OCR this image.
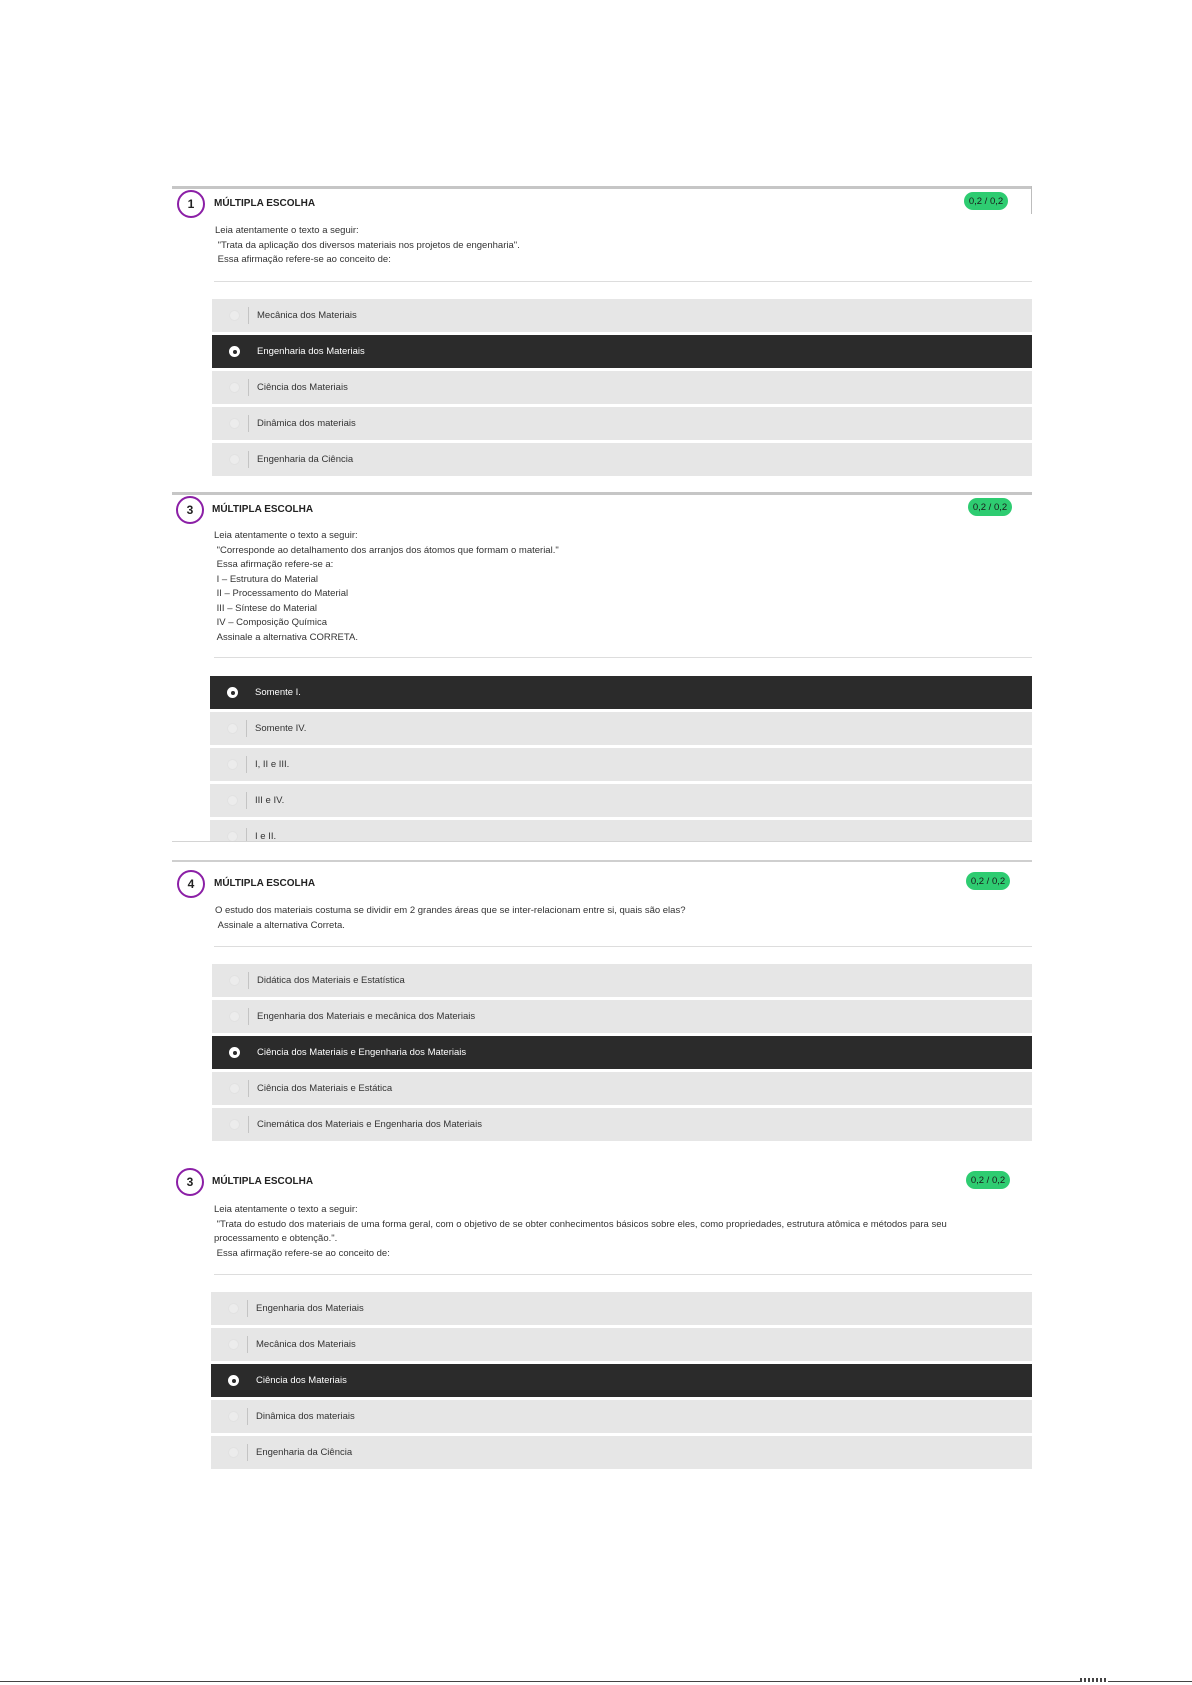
1	MÚLTIPLA ESCOLHA	0,2 / 0,2
Leia atentamente o texto a seguir:
"Trata da aplicação dos diversos materiais nos projetos de engenharia".
Essa afirmação refere-se ao conceito de:
Mecânica dos Materiais
Engenharia dos Materiais
Ciência dos Materiais
Dinâmica dos materiais
Engenharia da Ciência
3	MÚLTIPLA ESCOLHA	0,2 / 0,2
Leia atentamente o texto a seguir:
"Corresponde ao detalhamento dos arranjos dos átomos que formam o material."
Essa afirmação refere-se a:
I – Estrutura do Material
II – Processamento do Material
III – Síntese do Material
IV – Composição Química
Assinale a alternativa CORRETA.
Somente I.
Somente IV.
I, II e III.
III e IV.
I e II.
4	MÚLTIPLA ESCOLHA	0,2 / 0,2
O estudo dos materiais costuma se dividir em 2 grandes áreas que se inter-relacionam entre si, quais são elas?
Assinale a alternativa Correta.
Didática dos Materiais e Estatística
Engenharia dos Materiais e mecânica dos Materiais
Ciência dos Materiais e Engenharia dos Materiais
Ciência dos Materiais e Estática
Cinemática dos Materiais e Engenharia dos Materiais
3	MÚLTIPLA ESCOLHA	0,2 / 0,2
Leia atentamente o texto a seguir:
"Trata do estudo dos materiais de uma forma geral, com o objetivo de se obter conhecimentos básicos sobre eles, como propriedades, estrutura atômica e métodos para seu processamento e obtenção.".
Essa afirmação refere-se ao conceito de:
Engenharia dos Materiais
Mecânica dos Materiais
Ciência dos Materiais
Dinâmica dos materiais
Engenharia da Ciência
